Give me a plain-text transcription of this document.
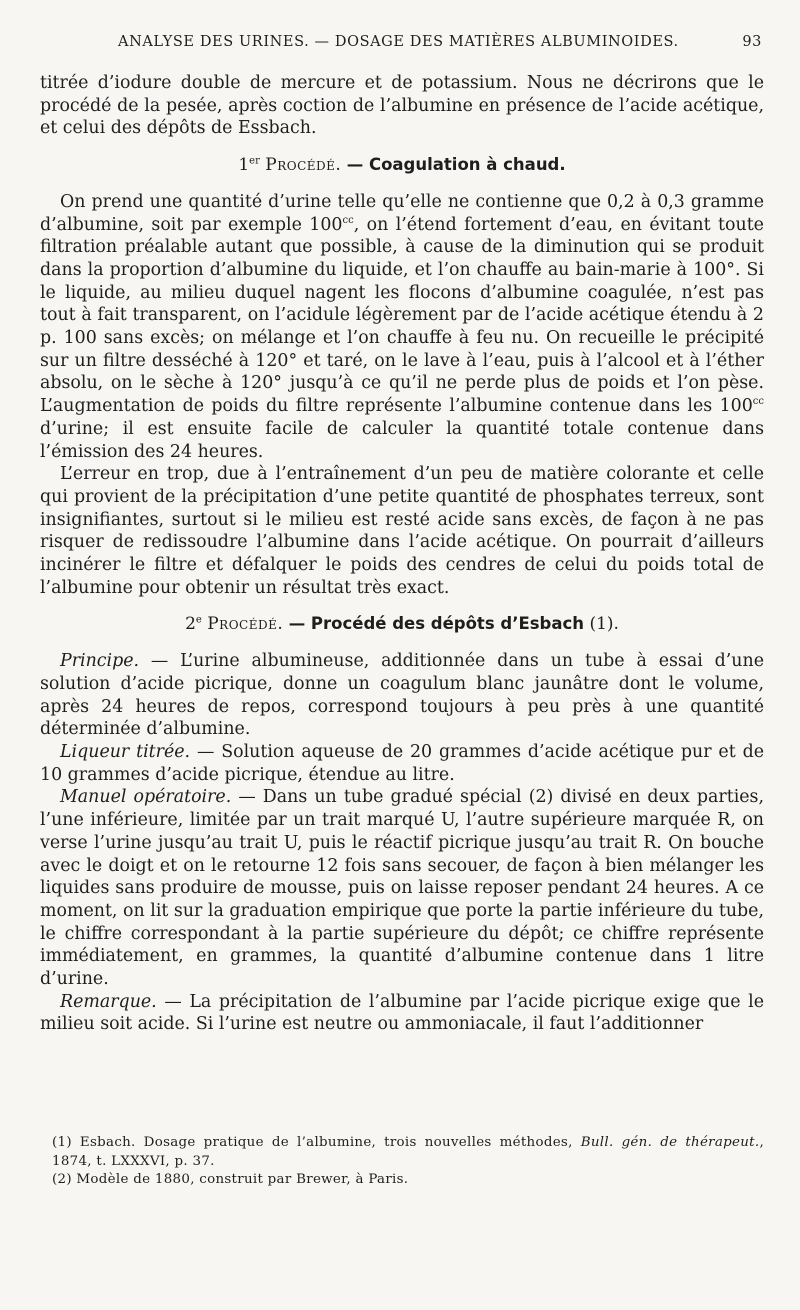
ANALYSE DES URINES. — DOSAGE DES MATIÈRES ALBUMINOIDES.	93

titrée d’iodure double de mercure et de potassium. Nous ne décrirons que le procédé de la pesée, après coction de l’albumine en présence de l’acide acétique, et celui des dépôts de Essbach.

1er Procédé. — Coagulation à chaud.

On prend une quantité d’urine telle qu’elle ne contienne que 0,2 à 0,3 gramme d’albumine, soit par exemple $100^{cc}$, on l’étend fortement d’eau, en évitant toute filtration préalable autant que possible, à cause de la diminution qui se produit dans la proportion d’albumine du liquide, et l’on chauffe au bain-marie à 100°. Si le liquide, au milieu duquel nagent les flocons d’albumine coagulée, n’est pas tout à fait transparent, on l’acidule légèrement par de l’acide acétique étendu à 2 p. 100 sans excès; on mélange et l’on chauffe à feu nu. On recueille le précipité sur un filtre desséché à 120° et taré, on le lave à l’eau, puis à l’alcool et à l’éther absolu, on le sèche à 120° jusqu’à ce qu’il ne perde plus de poids et l’on pèse. L’augmentation de poids du filtre représente l’albumine contenue dans les $100^{cc}$ d’urine; il est ensuite facile de calculer la quantité totale contenue dans l’émission des 24 heures.

L’erreur en trop, due à l’entraînement d’un peu de matière colorante et celle qui provient de la précipitation d’une petite quantité de phosphates terreux, sont insignifiantes, surtout si le milieu est resté acide sans excès, de façon à ne pas risquer de redissoudre l’albumine dans l’acide acétique. On pourrait d’ailleurs incinérer le filtre et défalquer le poids des cendres de celui du poids total de l’albumine pour obtenir un résultat très exact.

2e Procédé. — Procédé des dépôts d’Esbach (1).

Principe. — L’urine albumineuse, additionnée dans un tube à essai d’une solution d’acide picrique, donne un coagulum blanc jaunâtre dont le volume, après 24 heures de repos, correspond toujours à peu près à une quantité déterminée d’albumine.

Liqueur titrée. — Solution aqueuse de 20 grammes d’acide acétique pur et de 10 grammes d’acide picrique, étendue au litre.

Manuel opératoire. — Dans un tube gradué spécial (2) divisé en deux parties, l’une inférieure, limitée par un trait marqué U, l’autre supérieure marquée R, on verse l’urine jusqu’au trait U, puis le réactif picrique jusqu’au trait R. On bouche avec le doigt et on le retourne 12 fois sans secouer, de façon à bien mélanger les liquides sans produire de mousse, puis on laisse reposer pendant 24 heures. A ce moment, on lit sur la graduation empirique que porte la partie inférieure du tube, le chiffre correspondant à la partie supérieure du dépôt; ce chiffre représente immédiatement, en grammes, la quantité d’albumine contenue dans 1 litre d’urine.

Remarque. — La précipitation de l’albumine par l’acide picrique exige que le milieu soit acide. Si l’urine est neutre ou ammoniacale, il faut l’additionner

(1) Esbach. Dosage pratique de l’albumine, trois nouvelles méthodes, Bull. gén. de thérapeut., 1874, t. LXXXVI, p. 37.

(2) Modèle de 1880, construit par Brewer, à Paris.
